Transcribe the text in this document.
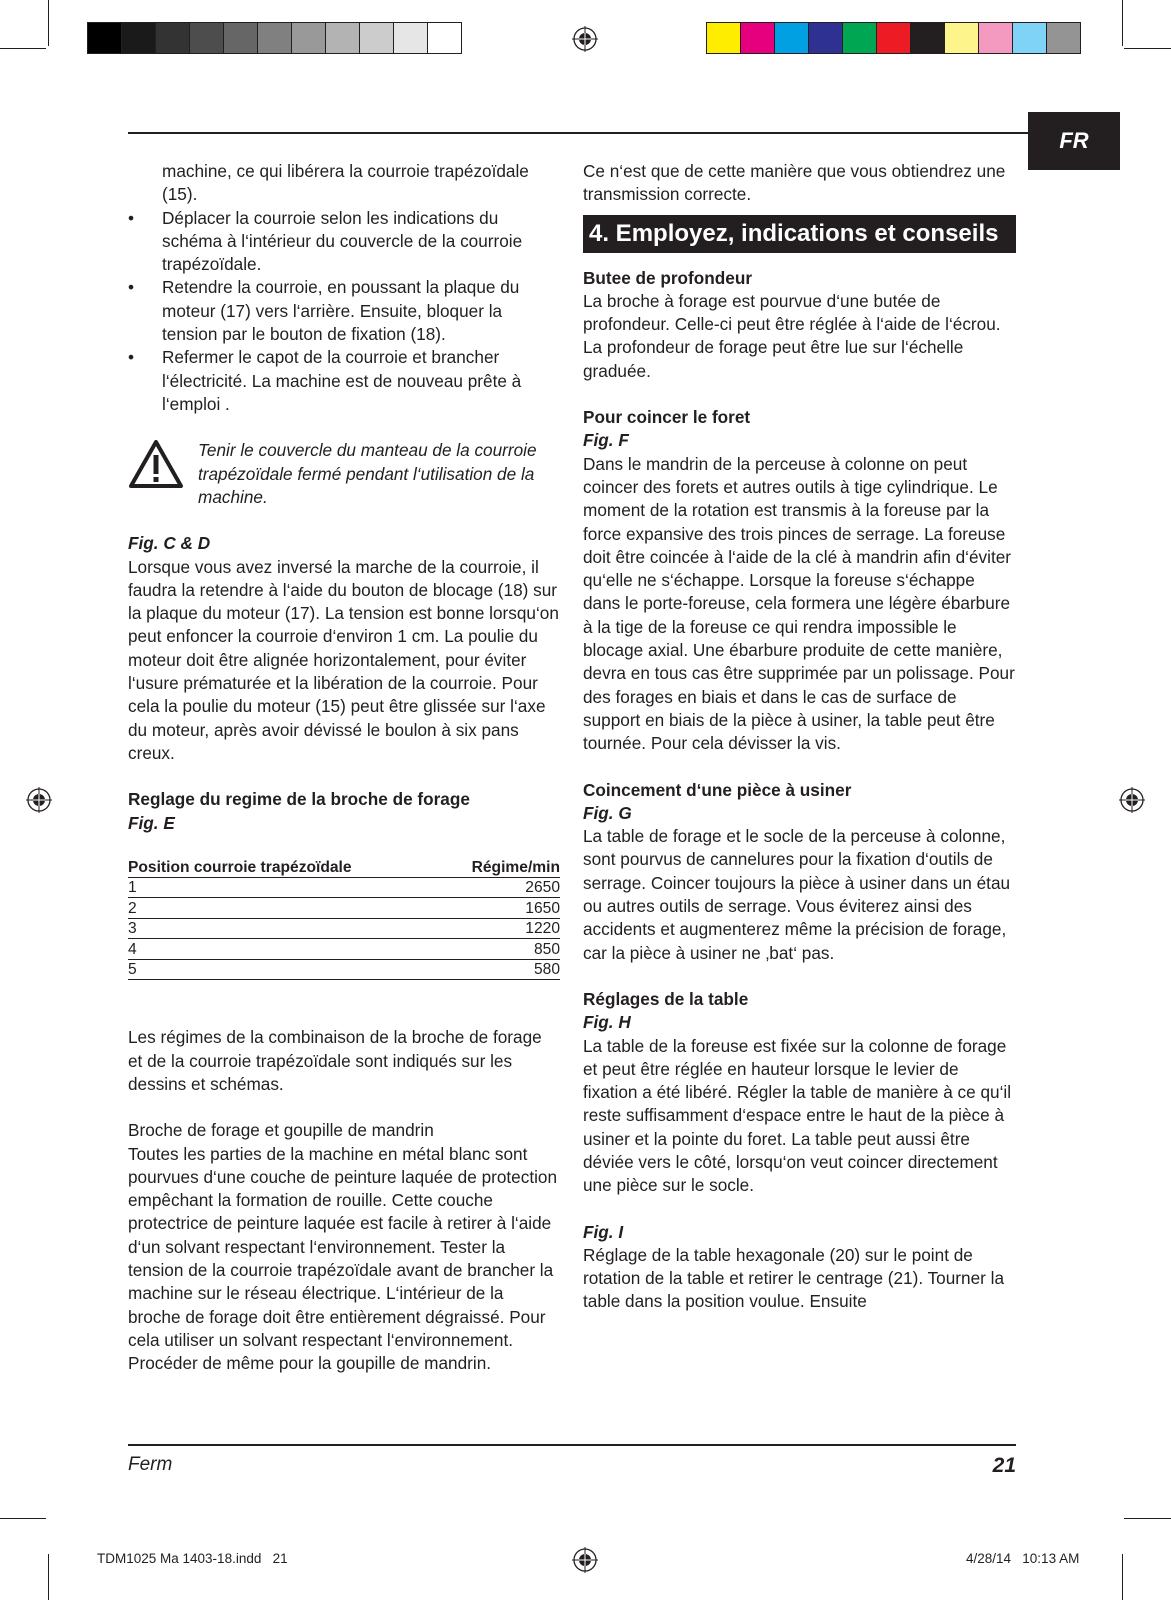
FR

machine, ce qui libérera la courroie trapézoïdale (15).

• Déplacer la courroie selon les indications du schéma à l‘intérieur du couvercle de la courroie trapézoïdale.
• Retendre la courroie, en poussant la plaque du moteur (17) vers l‘arrière. Ensuite, bloquer la tension par le bouton de fixation (18).
• Refermer le capot de la courroie et brancher l‘électricité. La machine est de nouveau prête à l‘emploi .
Tenir le couvercle du manteau de la courroie trapézoïdale fermé pendant l‘utilisation de la machine.

Fig. C & D

Lorsque vous avez inversé la marche de la courroie, il faudra la retendre à l‘aide du bouton de blocage (18) sur la plaque du moteur (17). La tension est bonne lorsqu‘on peut enfoncer la courroie d‘environ 1 cm. La poulie du moteur doit être alignée horizontalement, pour éviter l‘usure prématurée et la libération de la courroie. Pour cela la poulie du moteur (15) peut être glissée sur l‘axe du moteur, après avoir dévissé le boulon à six pans creux.

Reglage du regime de la broche de forage

Fig. E

Position courroie trapézoïdale	Régime/min
1	2650
2	1650
3	1220
4	850
5	580

Les régimes de la combinaison de la broche de forage et de la courroie trapézoïdale sont indiqués sur les dessins et schémas.

Broche de forage et goupille de mandrin

Toutes les parties de la machine en métal blanc sont pourvues d‘une couche de peinture laquée de protection empêchant la formation de rouille. Cette couche protectrice de peinture laquée est facile à retirer à l‘aide d‘un solvant respectant l‘environnement. Tester la tension de la courroie trapézoïdale avant de brancher la machine sur le réseau électrique. L‘intérieur de la broche de forage doit être entièrement dégraissé. Pour cela utiliser un solvant respectant l‘environnement. Procéder de même pour la goupille de mandrin.

Ce n‘est que de cette manière que vous obtiendrez une transmission correcte.

4. Employez, indications et conseils

Butee de profondeur

La broche à forage est pourvue d‘une butée de profondeur. Celle-ci peut être réglée à l‘aide de l‘écrou. La profondeur de forage peut être lue sur l‘échelle graduée.

Pour coincer le foret

Fig. F

Dans le mandrin de la perceuse à colonne on peut coincer des forets et autres outils à tige cylindrique. Le moment de la rotation est transmis à la foreuse par la force expansive des trois pinces de serrage. La foreuse doit être coincée à l‘aide de la clé à mandrin afin d‘éviter qu‘elle ne s‘échappe. Lorsque la foreuse s‘échappe dans le porte-foreuse, cela formera une légère ébarbure à la tige de la foreuse ce qui rendra impossible le blocage axial. Une ébarbure produite de cette manière, devra en tous cas être supprimée par un polissage. Pour des forages en biais et dans le cas de surface de support en biais de la pièce à usiner, la table peut être tournée. Pour cela dévisser la vis.

Coincement d‘une pièce à usiner

Fig. G

La table de forage et le socle de la perceuse à colonne, sont pourvus de cannelures pour la fixation d‘outils de serrage. Coincer toujours la pièce à usiner dans un étau ou autres outils de serrage. Vous éviterez ainsi des accidents et augmenterez même la précision de forage, car la pièce à usiner ne ‚bat‘ pas.

Réglages de la table

Fig. H

La table de la foreuse est fixée sur la colonne de forage et peut être réglée en hauteur lorsque le levier de fixation a été libéré. Régler la table de manière à ce qu‘il reste suffisamment d‘espace entre le haut de la pièce à usiner et la pointe du foret. La table peut aussi être déviée vers le côté, lorsqu‘on veut coincer directement une pièce sur le socle.

Fig. I

Réglage de la table hexagonale (20) sur le point de rotation de la table et retirer le centrage (21). Tourner la table dans la position voulue. Ensuite

Ferm	21
TDM1025 Ma 1403-18.indd   21	4/28/14   10:13 AM
